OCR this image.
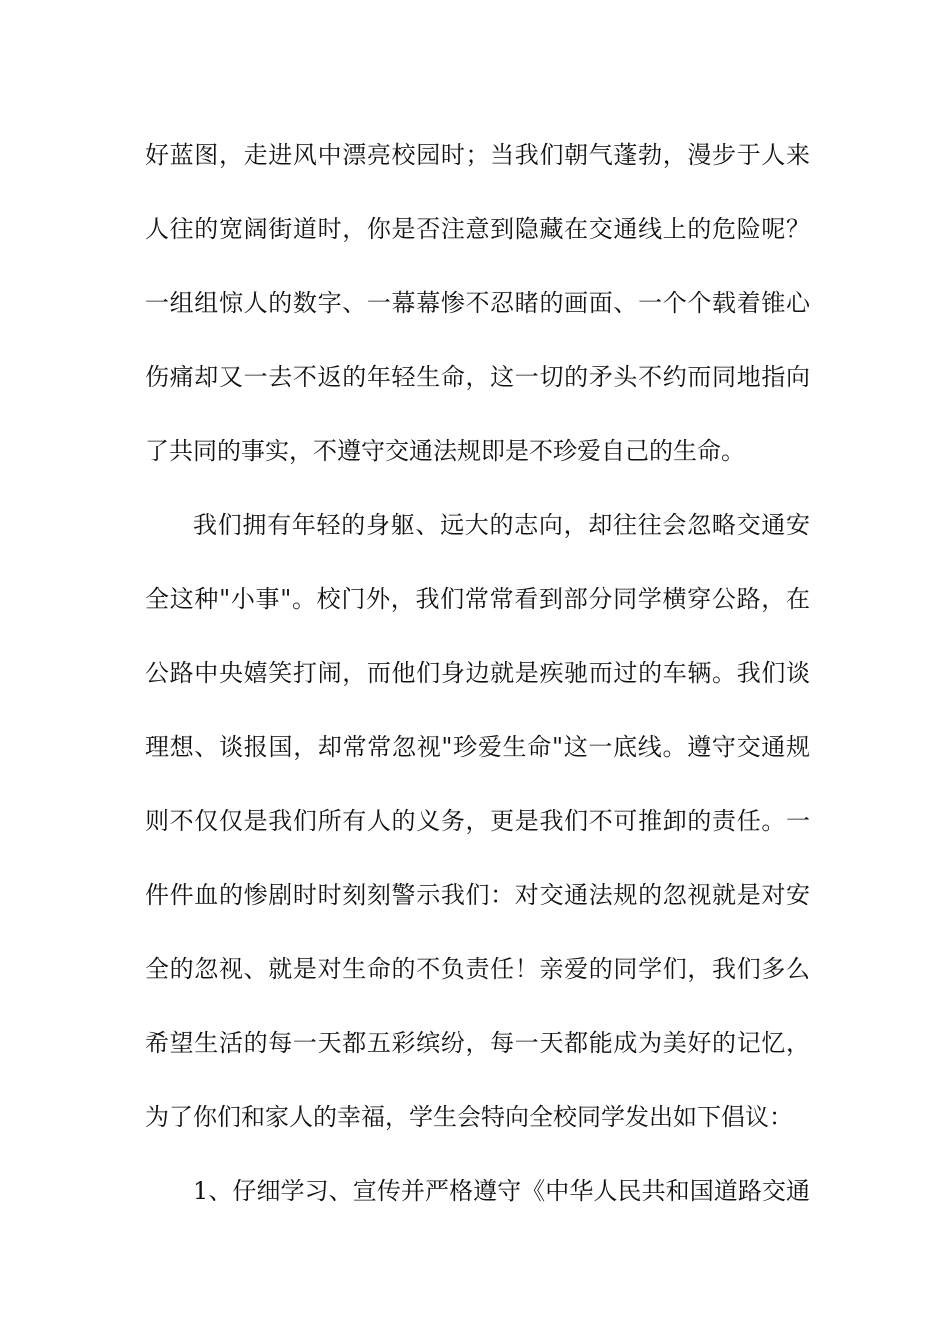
好蓝图，走进风中漂亮校园时；当我们朝气蓬勃，漫步于人来
人往的宽阔街道时，你是否注意到隐藏在交通线上的危险呢？
一组组惊人的数字、一幕幕惨不忍睹的画面、一个个载着锥心
伤痛却又一去不返的年轻生命，这一切的矛头不约而同地指向
了共同的事实，不遵守交通法规即是不珍爱自己的生命。
我们拥有年轻的身躯、远大的志向，却往往会忽略交通安
全这种"小事"。校门外，我们常常看到部分同学横穿公路，在
公路中央嬉笑打闹，而他们身边就是疾驰而过的车辆。我们谈
理想、谈报国，却常常忽视"珍爱生命"这一底线。遵守交通规
则不仅仅是我们所有人的义务，更是我们不可推卸的责任。一
件件血的惨剧时时刻刻警示我们：对交通法规的忽视就是对安
全的忽视、就是对生命的不负责任！亲爱的同学们，我们多么
希望生活的每一天都五彩缤纷，每一天都能成为美好的记忆，
为了你们和家人的幸福，学生会特向全校同学发出如下倡议：
1、仔细学习、宣传并严格遵守《中华人民共和国道路交通
